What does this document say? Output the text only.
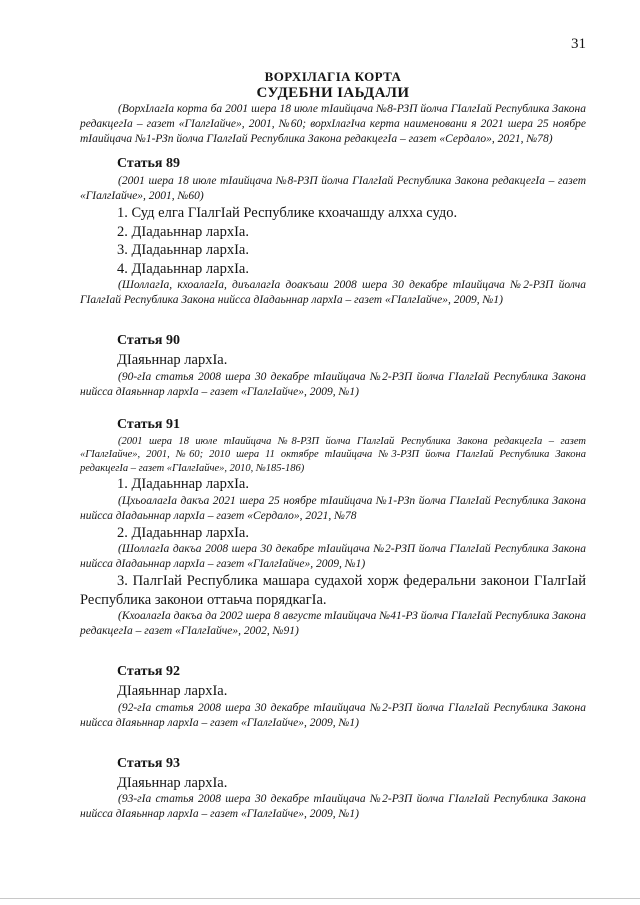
31
ВОРХIЛАГIА КОРТА
СУДЕБНИ IАЬДАЛИ

(ВорхIлагIа корта ба 2001 шера 18 июле тIаийцача №8-РЗП йолча ГIалгIай Республика Закона редакцегIа – газет «ГIалгIайче», 2001, №60; ворхIлагIча керта наименовани я 2021 шера 25 ноябре тIаийцача №1-РЗп йолча ГIалгIай Республика Закона редакцегIа – газет «Сердало», 2021, №78)

Статья 89

(2001 шера 18 июле тIаийцача №8-РЗП йолча ГIалгIай Республика Закона редакцегIа – газет «ГIалгIайче», 2001, №60)

1. Суд елга ГIалгIай Республике кхоачашду алхха судо.
2. ДIадаьннар лархIа.
3. ДIадаьннар лархIа.
4. ДIадаьннар лархIа.

(ШоллагIа, кхоалагIа, диъалагIа доакъаш 2008 шера 30 декабре тIаийцача №2-РЗП йолча ГIалгIай Республика Закона нийсса дIадаьннар лархIа – газет «ГIалгIайче», 2009, №1)

Статья 90
ДIаяьннар лархIа.

(90-гIа статья 2008 шера 30 декабре тIаийцача №2-РЗП йолча ГIалгIай Республика Закона нийсса дIаяьннар лархIа – газет «ГIалгIайче», 2009, №1)

Статья 91

(2001 шера 18 июле тIаийцача №8-РЗП йолча ГIалгIай Республика Закона редакцегIа – газет «ГIалгIайче», 2001, №60; 2010 шера 11 октябре тIаийцача №3-РЗП йолча ГIалгIай Республика Закона редакцегIа – газет «ГIалгIайче», 2010, №185-186)

1. ДIадаьннар лархIа.

(ЦхьоалагIа дакъа 2021 шера 25 ноябре тIаийцача №1-РЗп йолча ГIалгIай Республика Закона нийсса дIадаьннар лархIа – газет «Сердало», 2021, №78

2. ДIадаьннар лархIа.

(ШоллагIа дакъа 2008 шера 30 декабре тIаийцача №2-РЗП йолча ГIалгIай Республика Закона нийсса дIадаьннар лархIа – газет «ГIалгIайче», 2009, №1)

3. ПалгIай Республика машара судахой хорж федеральни законои ГIалгIай Республика законои оттаьча порядкагIа.

(КхоалагIа дакъа да 2002 шера 8 августе тIаийцача №41-РЗ йолча ГIалгIай Республика Закона редакцегIа – газет «ГIалгIайче», 2002, №91)

Статья 92
ДIаяьннар лархIа.

(92-гIа статья 2008 шера 30 декабре тIаийцача №2-РЗП йолча ГIалгIай Республика Закона нийсса дIаяьннар лархIа – газет «ГIалгIайче», 2009, №1)

Статья 93
ДIаяьннар лархIа.

(93-гIа статья 2008 шера 30 декабре тIаийцача №2-РЗП йолча ГIалгIай Республика Закона нийсса дIаяьннар лархIа – газет «ГIалгIайче», 2009, №1)
